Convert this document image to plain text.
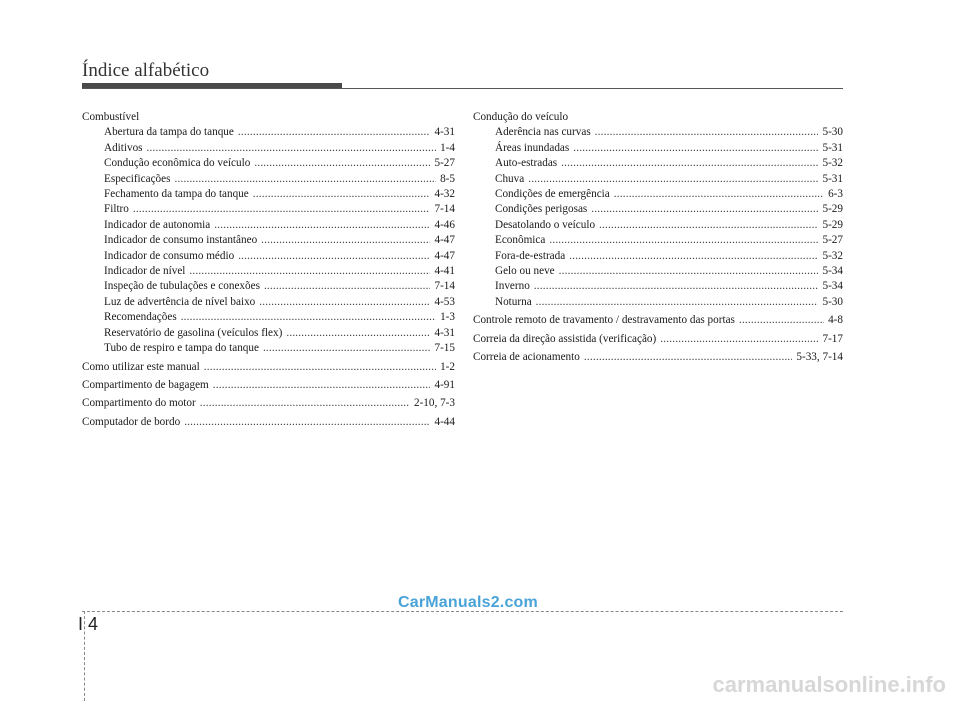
Índice alfabético
Combustível
Abertura da tampa do tanque . . .	4-31
Aditivos . . .	1-4
Condução econômica do veículo . . .	5-27
Especificações . . .	8-5
Fechamento da tampa do tanque . . .	4-32
Filtro . . .	7-14
Indicador de autonomia . . .	4-46
Indicador de consumo instantâneo . . .	4-47
Indicador de consumo médio . . .	4-47
Indicador de nível . . .	4-41
Inspeção de tubulações e conexões . . .	7-14
Luz de advertência de nível baixo . . .	4-53
Recomendações . . .	1-3
Reservatório de gasolina (veículos flex) . . .	4-31
Tubo de respiro e tampa do tanque . . .	7-15
Como utilizar este manual . . .	1-2
Compartimento de bagagem . . .	4-91
Compartimento do motor . . .	2-10, 7-3
Computador de bordo . . .	4-44
Condução do veículo
Aderência nas curvas . . .	5-30
Áreas inundadas . . .	5-31
Auto-estradas . . .	5-32
Chuva . . .	5-31
Condições de emergência . . .	6-3
Condições perigosas . . .	5-29
Desatolando o veículo . . .	5-29
Econômica . . .	5-27
Fora-de-estrada . . .	5-32
Gelo ou neve . . .	5-34
Inverno . . .	5-34
Noturna . . .	5-30
Controle remoto de travamento / destravamento das portas . . .	4-8
Correia da direção assistida (verificação) . . .	7-17
Correia de acionamento . . .	5-33, 7-14
I 4
CarManuals2.com
carmanualsonline.info
